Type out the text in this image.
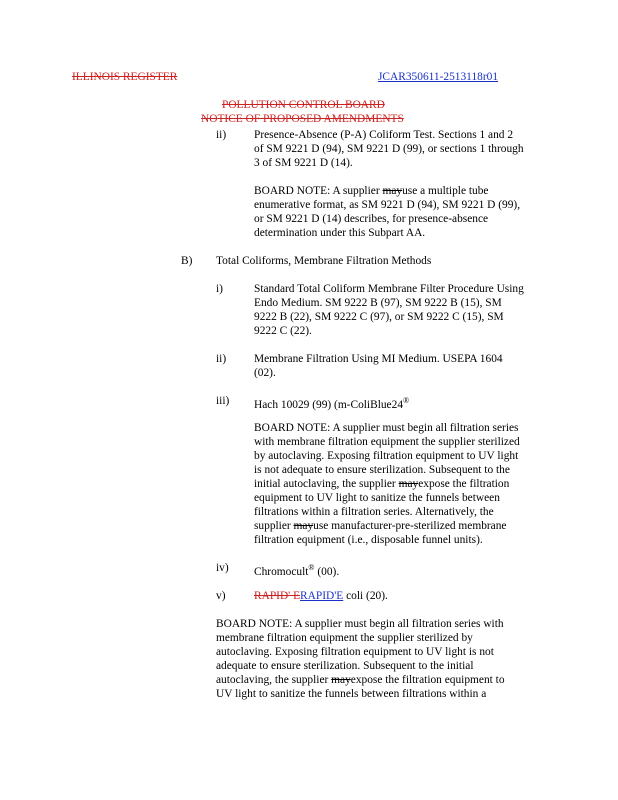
ILLINOIS REGISTER	JCAR350611-2513118r01
POLLUTION CONTROL BOARD
NOTICE OF PROPOSED AMENDMENTS
ii) Presence-Absence (P-A) Coliform Test. Sections 1 and 2
of SM 9221 D (94), SM 9221 D (99), or sections 1 through
3 of SM 9221 D (14).
BOARD NOTE: A supplier mayuse a multiple tube
enumerative format, as SM 9221 D (94), SM 9221 D (99),
or SM 9221 D (14) describes, for presence-absence
determination under this Subpart AA.
B) Total Coliforms, Membrane Filtration Methods
i)	Standard Total Coliform Membrane Filter Procedure Using
Endo Medium. SM 9222 B (97), SM 9222 B (15), SM
9222 B (22), SM 9222 C (97), or SM 9222 C (15), SM
9222 C (22).
ii) Membrane Filtration Using MI Medium. USEPA 1604
(02).
iii) Hach 10029 (99) (m-ColiBlue24®
BOARD NOTE: A supplier must begin all filtration series
with membrane filtration equipment the supplier sterilized
by autoclaving. Exposing filtration equipment to UV light
is not adequate to ensure sterilization. Subsequent to the
initial autoclaving, the supplier mayexpose the filtration
equipment to UV light to sanitize the funnels between
filtrations within a filtration series. Alternatively, the
supplier mayuse manufacturer-pre-sterilized membrane
filtration equipment (i.e., disposable funnel units).
iv) Chromocult® (00).
v)	RAPID' ERAPID'E coli (20).
BOARD NOTE: A supplier must begin all filtration series with
membrane filtration equipment the supplier sterilized by
autoclaving. Exposing filtration equipment to UV light is not
adequate to ensure sterilization. Subsequent to the initial
autoclaving, the supplier mayexpose the filtration equipment to
UV light to sanitize the funnels between filtrations within a
